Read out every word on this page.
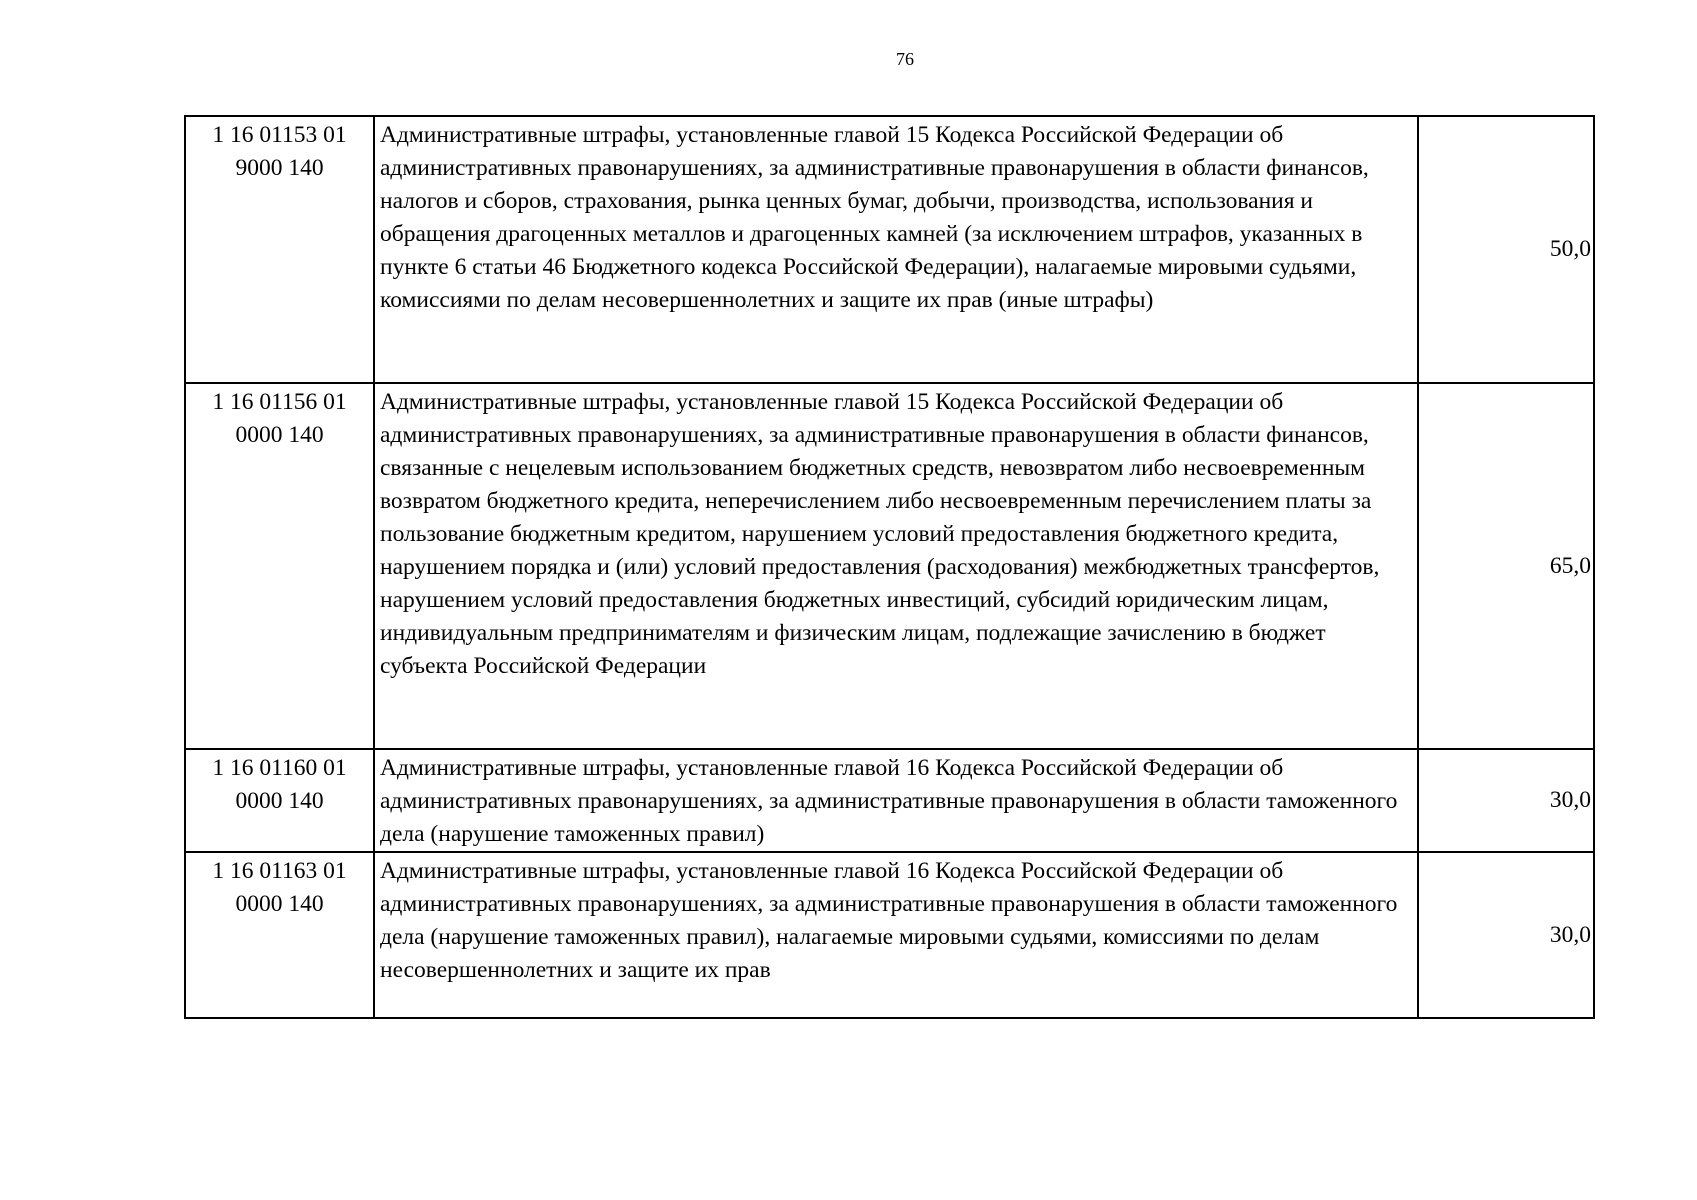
76
1 16 01153 01 9000 140	Административные штрафы, установленные главой 15 Кодекса Российской Федерации об административных правонарушениях, за административные правонарушения в области финансов, налогов и сборов, страхования, рынка ценных бумаг, добычи, производства, использования и обращения драгоценных металлов и драгоценных камней (за исключением штрафов, указанных в пункте 6 статьи 46 Бюджетного кодекса Российской Федерации), налагаемые мировыми судьями, комиссиями по делам несовершеннолетних и защите их прав (иные штрафы)	50,0
1 16 01156 01 0000 140	Административные штрафы, установленные главой 15 Кодекса Российской Федерации об административных правонарушениях, за административные правонарушения в области финансов, связанные с нецелевым использованием бюджетных средств, невозвратом либо несвоевременным возвратом бюджетного кредита, неперечислением либо несвоевременным перечислением платы за пользование бюджетным кредитом, нарушением условий предоставления бюджетного кредита, нарушением порядка и (или) условий предоставления (расходования) межбюджетных трансфертов, нарушением условий предоставления бюджетных инвестиций, субсидий юридическим лицам, индивидуальным предпринимателям и физическим лицам, подлежащие зачислению в бюджет субъекта Российской Федерации	65,0
1 16 01160 01 0000 140	Административные штрафы, установленные главой 16 Кодекса Российской Федерации об административных правонарушениях, за административные правонарушения в области таможенного дела (нарушение таможенных правил)	30,0
1 16 01163 01 0000 140	Административные штрафы, установленные главой 16 Кодекса Российской Федерации об административных правонарушениях, за административные правонарушения в области таможенного дела (нарушение таможенных правил), налагаемые мировыми судьями, комиссиями по делам несовершеннолетних и защите их прав	30,0
